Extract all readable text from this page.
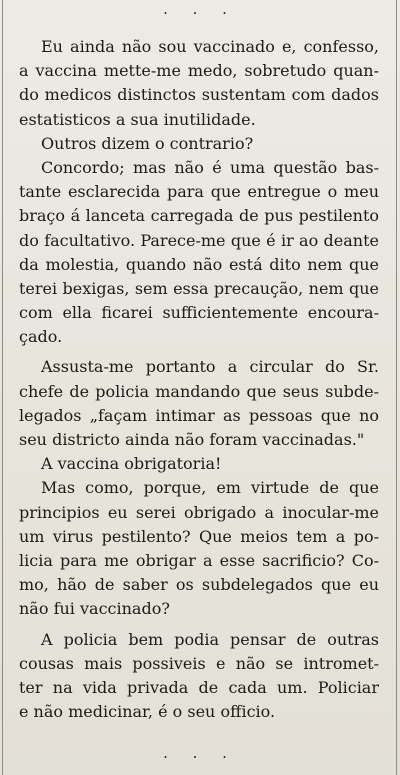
. . .
Eu ainda não sou vaccinado e, confesso,
a vaccina mette-me medo, sobretudo quan-
do medicos distinctos sustentam com dados
estatisticos a sua inutilidade.
Outros dizem o contrario?
Concordo; mas não é uma questão bas-
tante esclarecida para que entregue o meu
braço á lanceta carregada de pus pestilento
do facultativo. Parece-me que é ir ao deante
da molestia, quando não está dito nem que
terei bexigas, sem essa precaução, nem que
com ella ficarei sufficientemente encoura-
çado.
Assusta-me portanto a circular do Sr.
chefe de policia mandando que seus subde-
legados „façam intimar as pessoas que no
seu districto ainda não foram vaccinadas."
A vaccina obrigatoria!
Mas como, porque, em virtude de que
principios eu serei obrigado a inocular-me
um virus pestilento? Que meios tem a po-
licia para me obrigar a esse sacrificio? Co-
mo, hão de saber os subdelegados que eu
não fui vaccinado?
A policia bem podia pensar de outras
cousas mais possiveis e não se intromet-
ter na vida privada de cada um. Policiar
e não medicinar, é o seu officio.
. . .
